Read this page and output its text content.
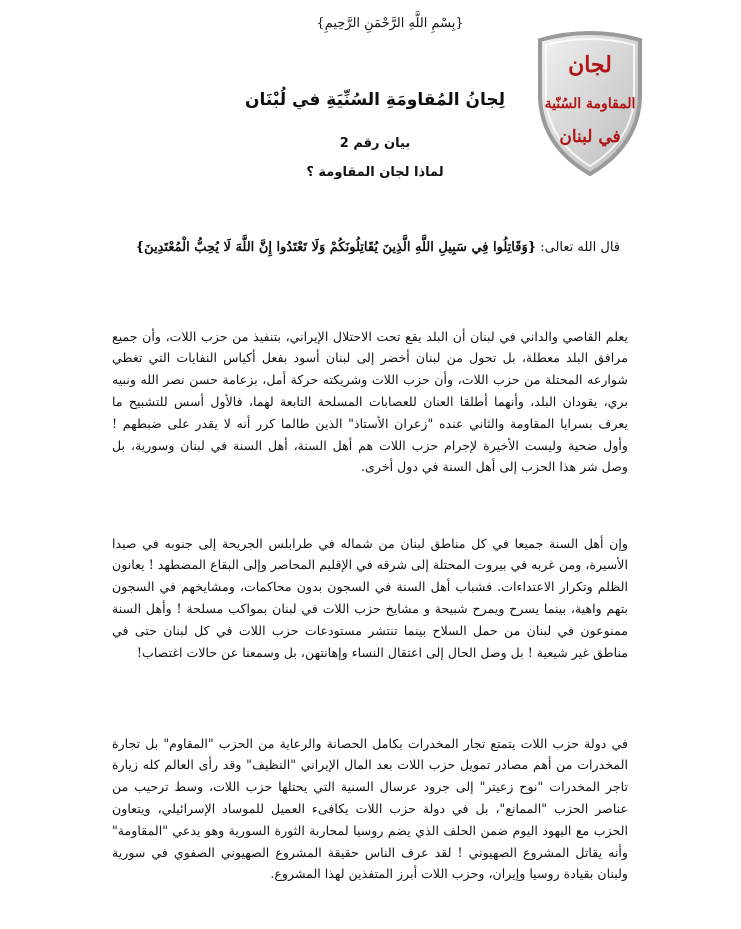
{بِسْمِ اللَّهِ الرَّحْمَنِ الرَّحِيمِ}
لجان
المقاومة السُنّية
في لبنان
لِجانُ المُقاومَةِ السُنِّيَةِ في لُبْنَان
بيان رقم 2
لماذا لجان المقاومة ؟
قال الله تعالى: {وَقَاتِلُوا فِي سَبِيلِ اللَّهِ الَّذِينَ يُقَاتِلُونَكُمْ وَلَا تَعْتَدُوا إِنَّ اللَّهَ لَا يُحِبُّ الْمُعْتَدِينَ}

يعلم القاصي والداني في لبنان أن البلد يقع تحت الاحتلال الإيراني، بتنفيذ من حزب اللات، وأن جميع مرافق البلد معطلة، بل تحول من لبنان أخضر إلى لبنان أسود بفعل أكياس النفايات التي تغطي شوارعه المحتلة من حزب اللات، وأن حزب اللات وشريكته حركة أمل، بزعامة حسن نصر الله ونبيه بري، يقودان البلد، وأنهما أطلقا العنان للعصابات المسلحة التابعة لهما، فالأول أسس للتشبيح ما يعرف بسرايا المقاومة والثاني عنده "زعران الأستاذ" الذين طالما كرر أنه لا يقدر على ضبطهم ! وأول ضحية وليست الأخيرة لإجرام حزب اللات هم أهل السنة، أهل السنة في لبنان وسورية، بل وصل شر هذا الحزب إلى أهل السنة في دول أخرى.

وإن أهل السنة جميعا في كل مناطق لبنان من شماله في طرابلس الجريحة إلى جنوبه في صيدا الأسيرة، ومن غربه في بيروت المحتلة إلى شرقه في الإقليم المحاصر وإلى البقاع المضطهد ! يعانون الظلم وتكرار الاعتداءات. فشباب أهل السنة في السجون بدون محاكمات، ومشايخهم في السجون بتهم واهية، بينما يسرح ويمرح شبيحة و مشايخ حزب اللات في لبنان بمواكب مسلحة ! وأهل السنة ممنوعون في لبنان من حمل السلاح بينما تنتشر مستودعات حزب اللات في كل لبنان حتى في مناطق غير شيعية ! بل وصل الحال إلى اعتقال النساء وإهانتهن، بل وسمعنا عن حالات اغتصاب!

في دولة حزب اللات يتمتع تجار المخدرات بكامل الحصانة والرعاية من الحزب "المقاوم" بل تجارة المخدرات من أهم مصادر تمويل حزب اللات بعد المال الإيراني "النظيف" وقد رأى العالم كله زيارة تاجر المخدرات "نوح زعيتر" إلى جرود عرسال السنية التي يحتلها حزب اللات، وسط ترحيب من عناصر الحزب "الممانع"، بل في دولة حزب اللات يكافىء العميل للموساد الإسرائيلي، ويتعاون الحزب مع اليهود اليوم ضمن الحلف الذي يضم روسيا لمحاربة الثورة السورية وهو يدعي "المقاومة" وأنه يقاتل المشروع الصهيوني ! لقد عرف الناس حقيقة المشروع الصهيوني الصفوي في سورية ولبنان بقيادة روسيا وإيران، وحزب اللات أبرز المتفذين لهذا المشروع.
